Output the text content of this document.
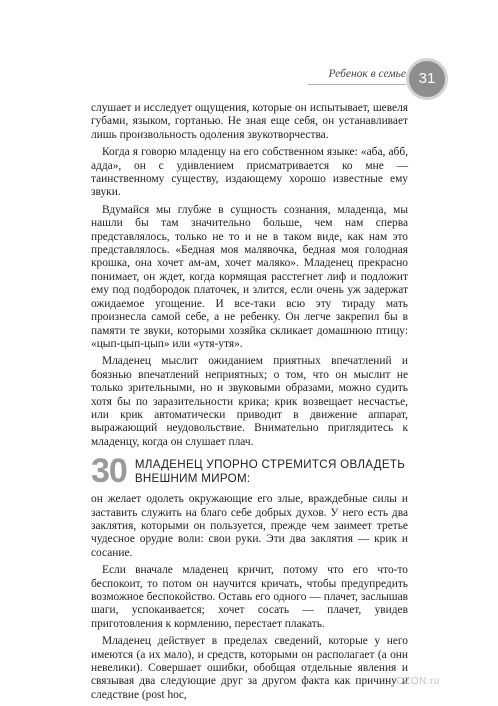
Ребенок в семье 31

слушает и исследует ощущения, которые он испытывает, шевеля губами, языком, гортанью. Не зная еще себя, он устанавливает лишь произвольность одоления звукотворчества.

Когда я говорю младенцу на его собственном языке: «аба, абб, адда», он с удивлением присматривается ко мне — таинственному существу, издающему хорошо известные ему звуки.

Вдумайся мы глубже в сущность сознания, младенца, мы нашли бы там значительно больше, чем нам сперва представлялось, только не то и не в таком виде, как нам это представлялось. «Бедная моя малявочка, бедная моя голодная крошка, она хочет ам-ам, хочет маляко». Младенец прекрасно понимает, он ждет, когда кормящая расстегнет лиф и подложит ему под подбородок платочек, и злится, если очень уж задержат ожидаемое угощение. И все-таки всю эту тираду мать произнесла самой себе, а не ребенку. Он легче закрепил бы в памяти те звуки, которыми хозяйка скликает домашнюю птицу: «цып-цып-цып» или «утя-утя».

Младенец мыслит ожиданием приятных впечатлений и боязнью впечатлений неприятных; о том, что он мыслит не только зрительными, но и звуковыми образами, можно судить хотя бы по заразительности крика; крик возвещает несчастье, или крик автоматически приводит в движение аппарат, выражающий неудовольствие. Внимательно приглядитесь к младенцу, когда он слушает плач.

30 МЛАДЕНЕЦ УПОРНО СТРЕМИТСЯ ОВЛАДЕТЬ ВНЕШНИМ МИРОМ:

он желает одолеть окружающие его злые, враждебные силы и заставить служить на благо себе добрых духов. У него есть два заклятия, которыми он пользуется, прежде чем заимеет третье чудесное орудие воли: свои руки. Эти два заклятия — крик и сосание.

Если вначале младенец кричит, потому что его что-то беспокоит, то потом он научится кричать, чтобы предупредить возможное беспокойство. Оставь его одного — плачет, заслышав шаги, успокаивается; хочет сосать — плачет, увидев приготовления к кормлению, перестает плакать.

Младенец действует в пределах сведений, которые у него имеются (а их мало), и средств, которыми он располагает (а они невелики). Совершает ошибки, обобщая отдельные явления и связывая два следующие друг за другом факта как причину и следствие (post hoc,

OZON.ru
